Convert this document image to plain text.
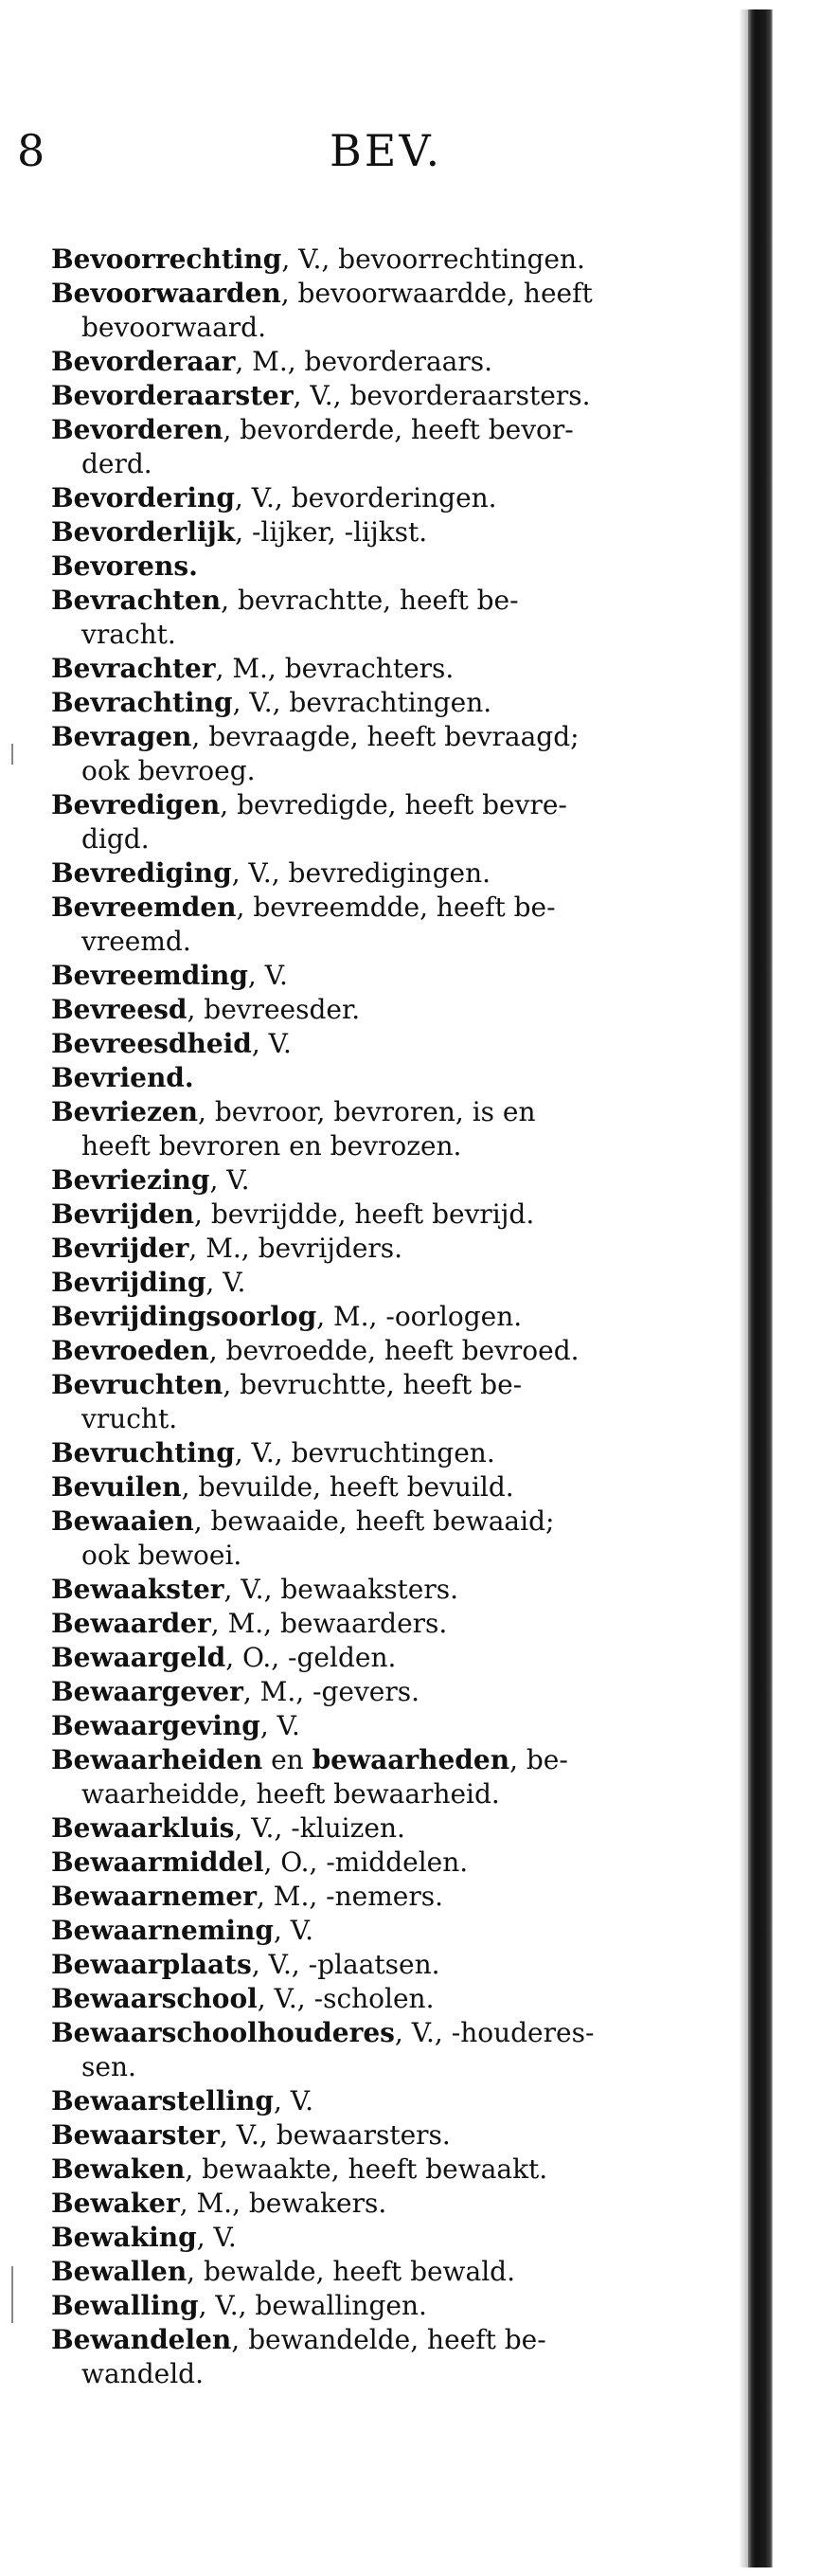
8	BEV.
Bevoorrechting, V., bevoorrechtingen.
Bevoorwaarden, bevoorwaardde, heeft
bevoorwaard.
Bevorderaar, M., bevorderaars.
Bevorderaarster, V., bevorderaarsters.
Bevorderen, bevorderde, heeft bevor-
derd.
Bevordering, V., bevorderingen.
Bevorderlijk, -lijker, -lijkst.
Bevorens.
Bevrachten, bevrachtte, heeft be-
vracht.
Bevrachter, M., bevrachters.
Bevrachting, V., bevrachtingen.
Bevragen, bevraagde, heeft bevraagd;
ook bevroeg.
Bevredigen, bevredigde, heeft bevre-
digd.
Bevrediging, V., bevredigingen.
Bevreemden, bevreemdde, heeft be-
vreemd.
Bevreemding, V.
Bevreesd, bevreesder.
Bevreesdheid, V.
Bevriend.
Bevriezen, bevroor, bevroren, is en
heeft bevroren en bevrozen.
Bevriezing, V.
Bevrijden, bevrijdde, heeft bevrijd.
Bevrijder, M., bevrijders.
Bevrijding, V.
Bevrijdingsoorlog, M., -oorlogen.
Bevroeden, bevroedde, heeft bevroed.
Bevruchten, bevruchtte, heeft be-
vrucht.
Bevruchting, V., bevruchtingen.
Bevuilen, bevuilde, heeft bevuild.
Bewaaien, bewaaide, heeft bewaaid;
ook bewoei.
Bewaakster, V., bewaaksters.
Bewaarder, M., bewaarders.
Bewaargeld, O., -gelden.
Bewaargever, M., -gevers.
Bewaargeving, V.
Bewaarheiden en bewaarheden, be-
waarheidde, heeft bewaarheid.
Bewaarkluis, V., -kluizen.
Bewaarmiddel, O., -middelen.
Bewaarnemer, M., -nemers.
Bewaarneming, V.
Bewaarplaats, V., -plaatsen.
Bewaarschool, V., -scholen.
Bewaarschoolhouderes, V., -houderes-
sen.
Bewaarstelling, V.
Bewaarster, V., bewaarsters.
Bewaken, bewaakte, heeft bewaakt.
Bewaker, M., bewakers.
Bewaking, V.
Bewallen, bewalde, heeft bewald.
Bewalling, V., bewallingen.
Bewandelen, bewandelde, heeft be-
wandeld.
